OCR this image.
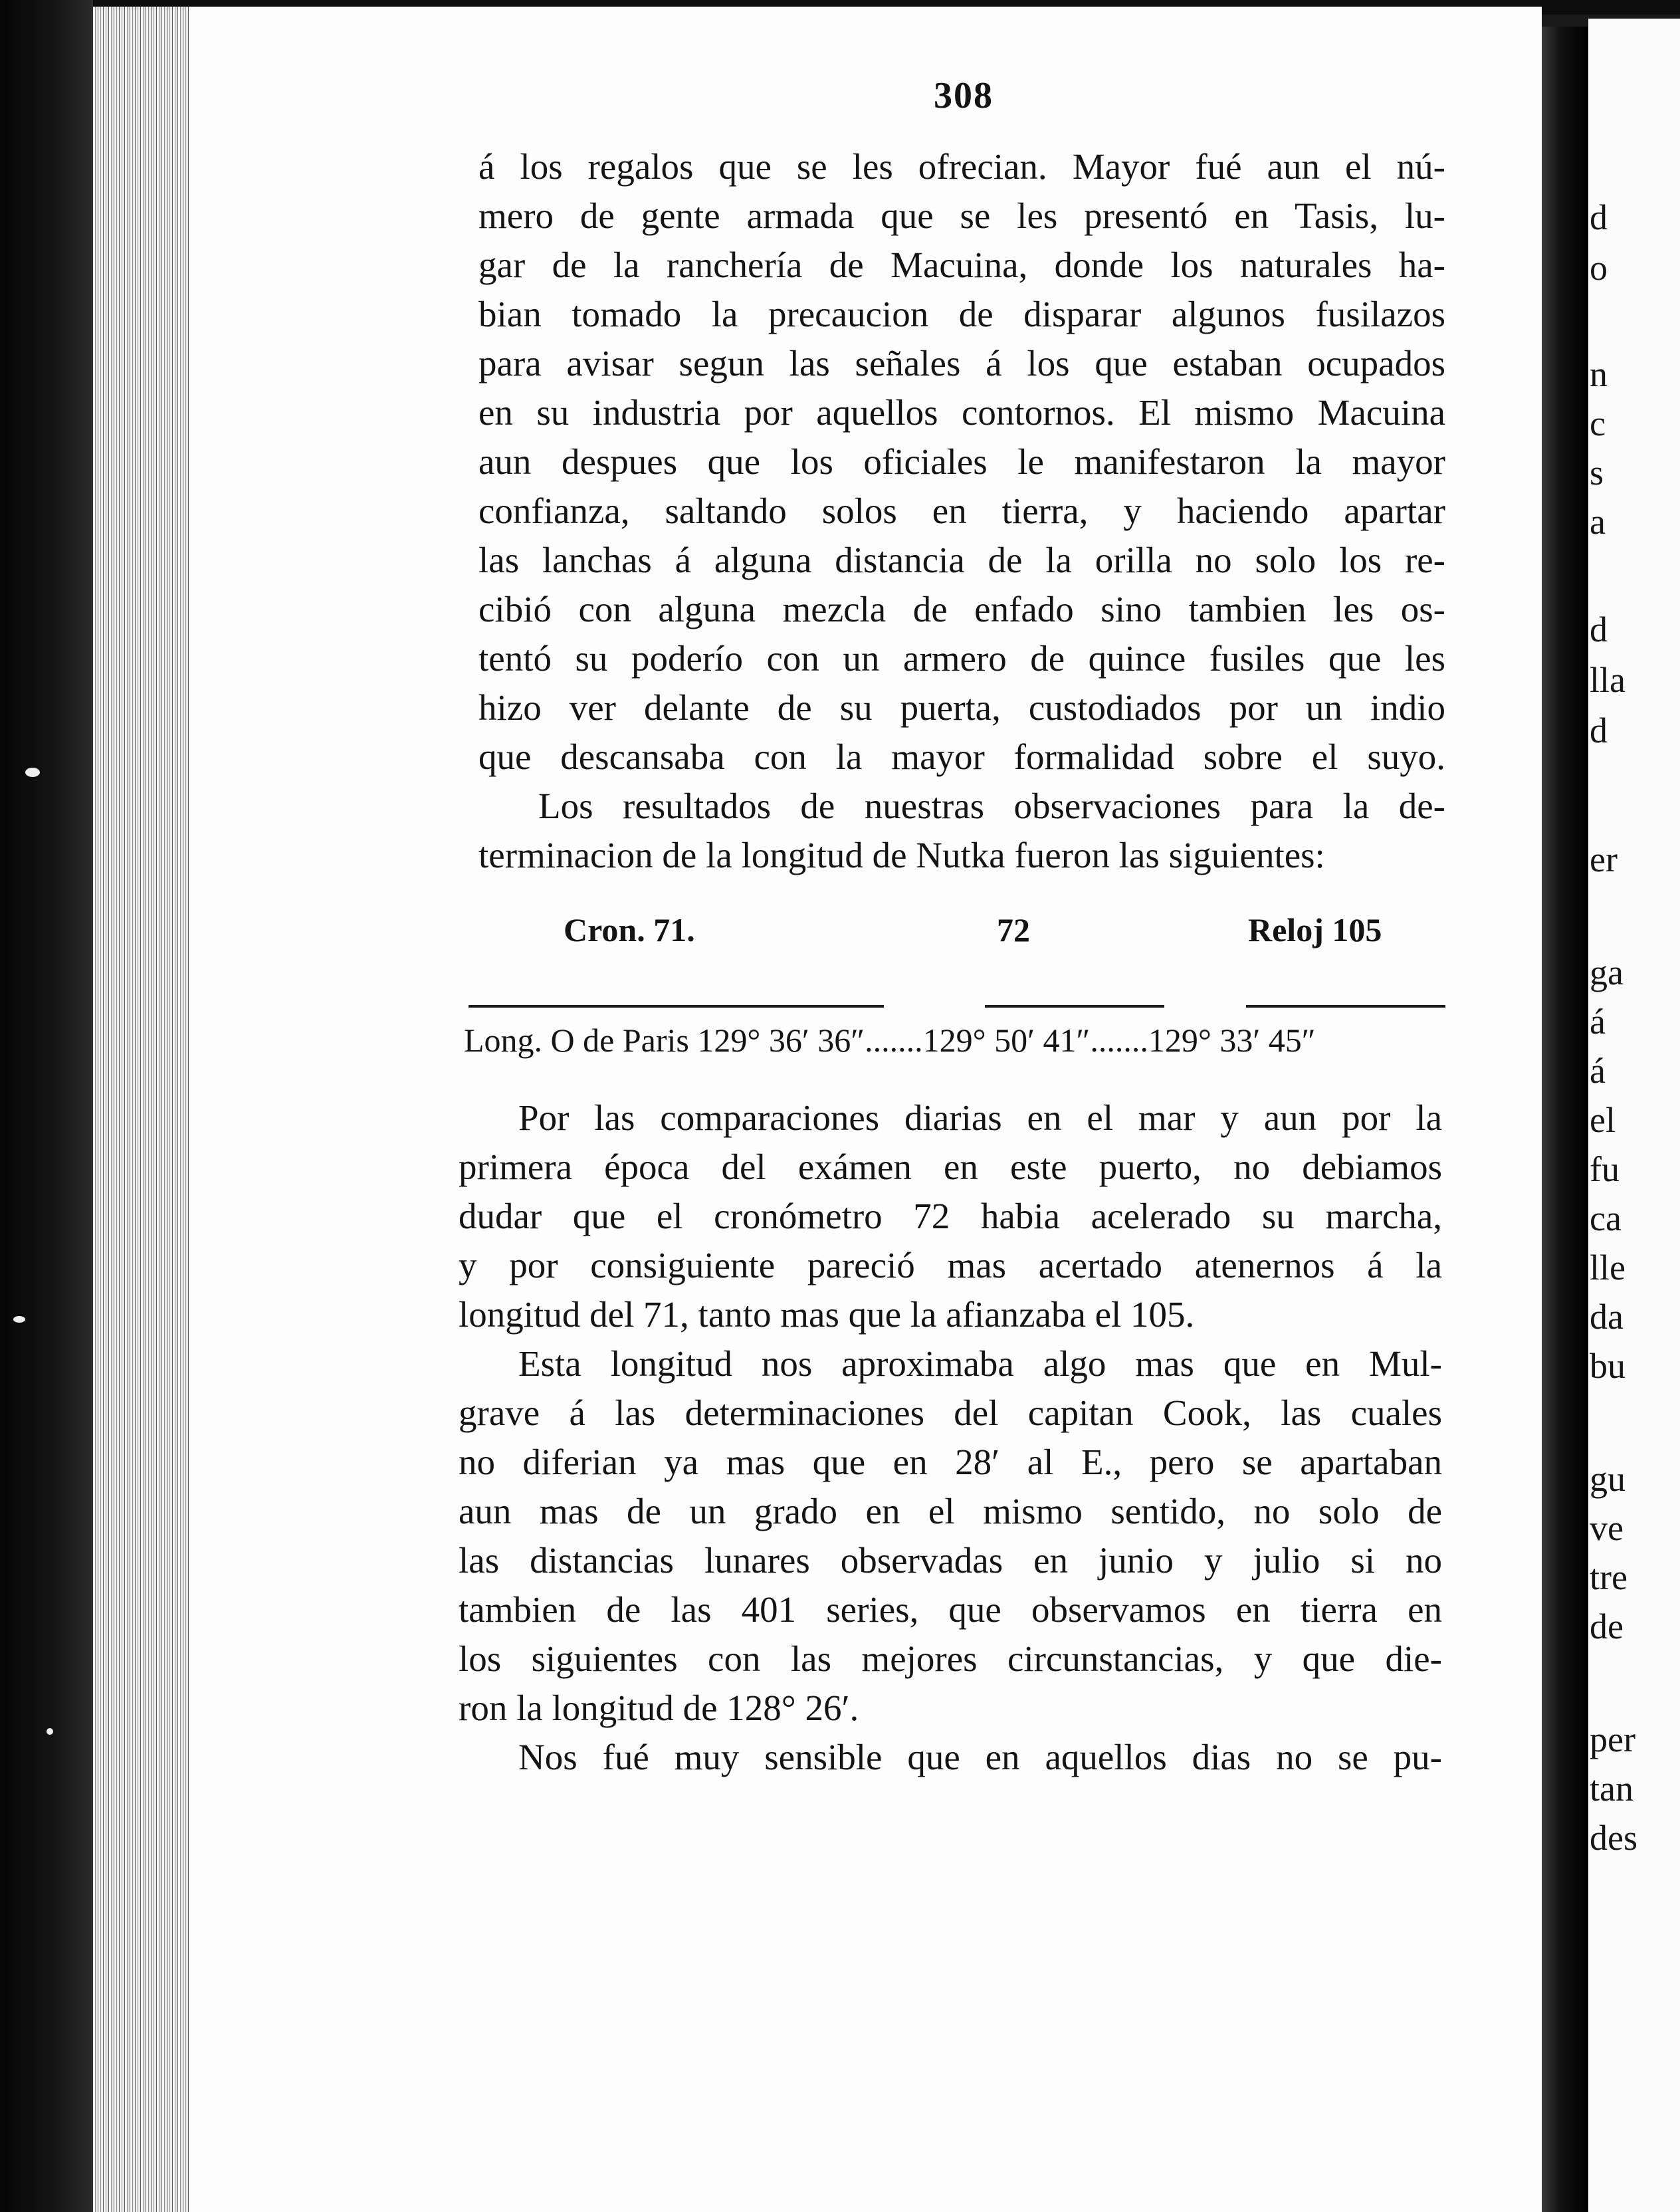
308
á los regalos que se les ofrecian. Mayor fué aun el nú-
mero de gente armada que se les presentó en Tasis, lu-
gar de la ranchería de Macuina, donde los naturales ha-
bian tomado la precaucion de disparar algunos fusilazos
para avisar segun las señales á los que estaban ocupados
en su industria por aquellos contornos. El mismo Macuina
aun despues que los oficiales le manifestaron la mayor
confianza, saltando solos en tierra, y haciendo apartar
las lanchas á alguna distancia de la orilla no solo los re-
cibió con alguna mezcla de enfado sino tambien les os-
tentó su poderío con un armero de quince fusiles que les
hizo ver delante de su puerta, custodiados por un indio
que descansaba con la mayor formalidad sobre el suyo.
Los resultados de nuestras observaciones para la de-
terminacion de la longitud de Nutka fueron las siguientes:
Cron. 71.	72	Reloj 105
Long. O de Paris 129° 36′ 36″.......129° 50′ 41″.......129° 33′ 45″
Por las comparaciones diarias en el mar y aun por la
primera época del exámen en este puerto, no debiamos
dudar que el cronómetro 72 habia acelerado su marcha,
y por consiguiente pareció mas acertado atenernos á la
longitud del 71, tanto mas que la afianzaba el 105.
Esta longitud nos aproximaba algo mas que en Mul-
grave á las determinaciones del capitan Cook, las cuales
no diferian ya mas que en 28′ al E., pero se apartaban
aun mas de un grado en el mismo sentido, no solo de
las distancias lunares observadas en junio y julio si no
tambien de las 401 series, que observamos en tierra en
los siguientes con las mejores circunstancias, y que die-
ron la longitud de 128° 26′.
Nos fué muy sensible que en aquellos dias no se pu-

d

o

n

c

s

a

d

lla

d

er

ga

á

á

el

fu

ca

lle

da

bu

gu

ve

tre

de

per

tan

des
